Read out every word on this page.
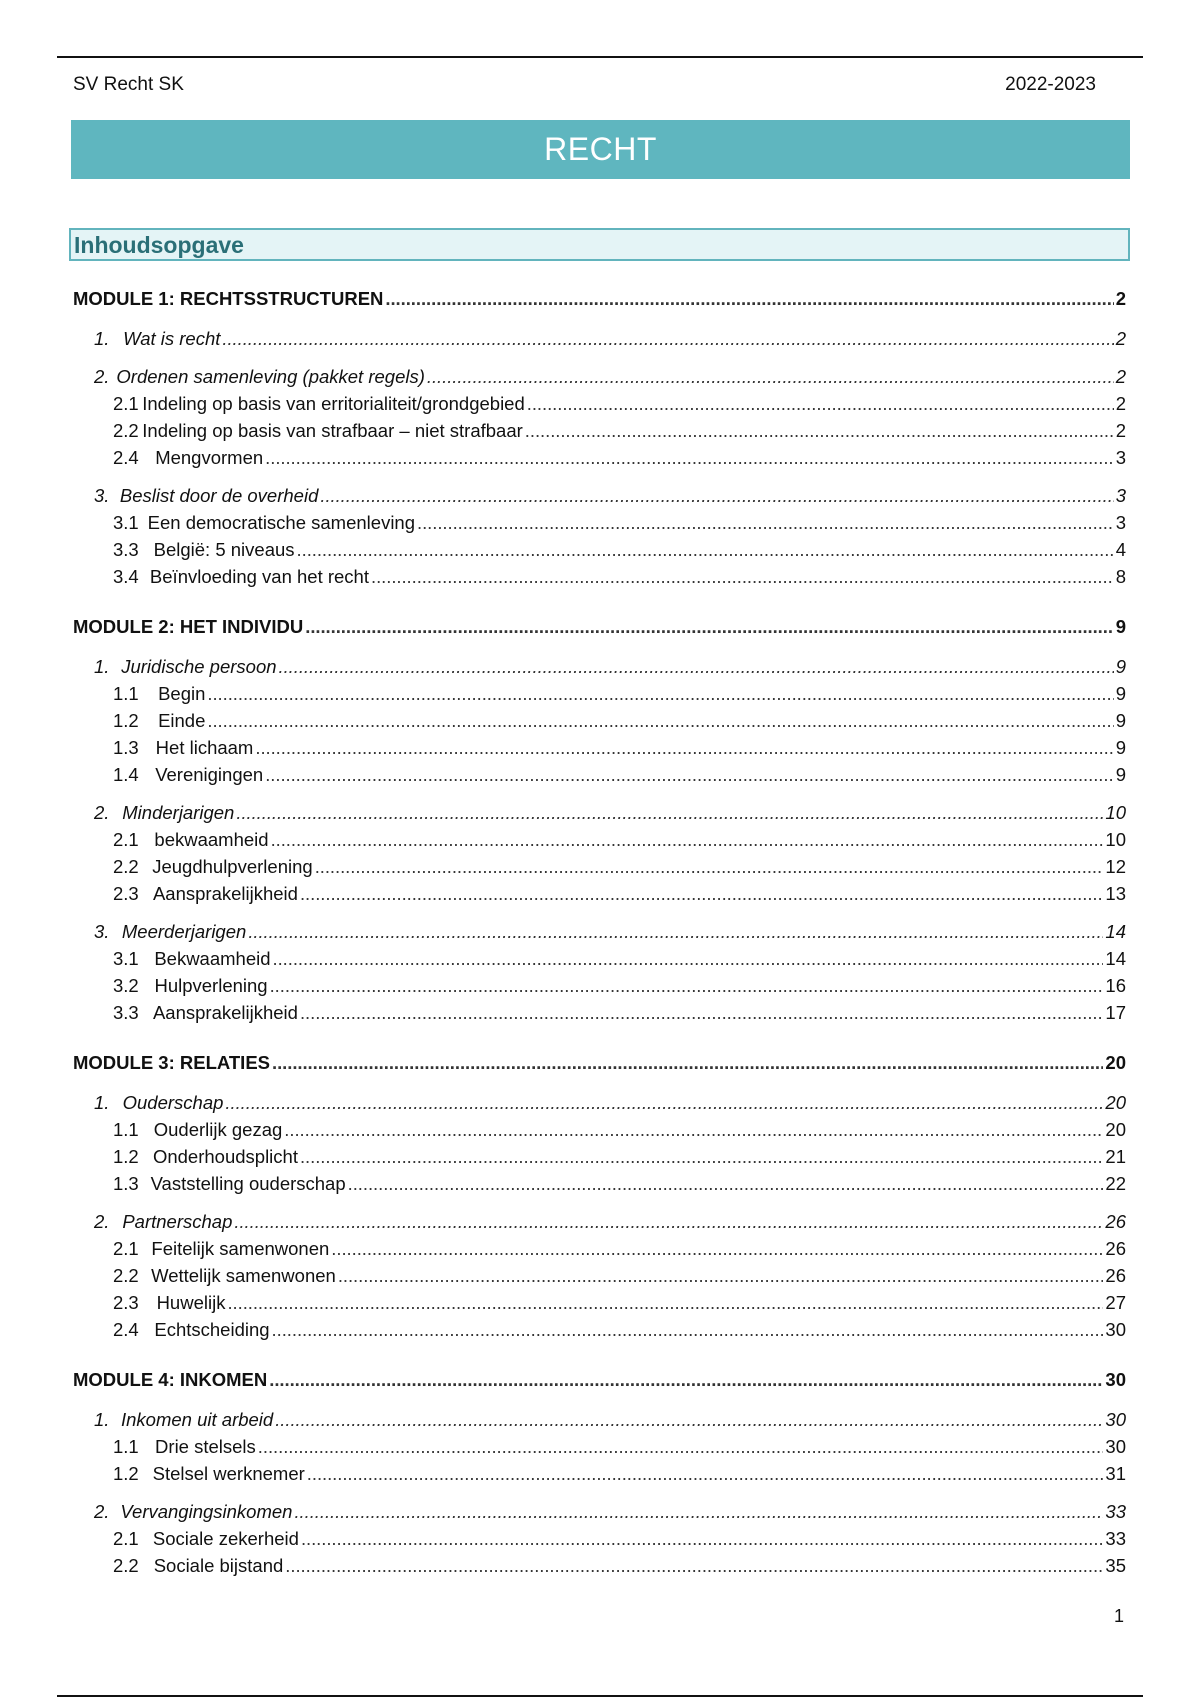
SV Recht SK	2022-2023
RECHT
Inhoudsopgave
MODULE 1: RECHTSSTRUCTUREN . . .	2
1. Wat is recht . . .	2
2. Ordenen samenleving (pakket regels) . . .	2
2.1 Indeling op basis van erritorialiteit/grondgebied . . .	2
2.2 Indeling op basis van strafbaar – niet strafbaar . . .	2
2.4 Mengvormen . . .	3
3. Beslist door de overheid . . .	3
3.1 Een democratische samenleving . . .	3
3.3 België: 5 niveaus . . .	4
3.4 Beïnvloeding van het recht . . .	8
MODULE 2: HET INDIVIDU . . .	9
1. Juridische persoon . . .	9
1.1	Begin . . .	9
1.2	Einde . . .	9
1.3 Het lichaam . . .	9
1.4 Verenigingen . . .	9
2. Minderjarigen . . .	10
2.1 bekwaamheid . . .	10
2.2 Jeugdhulpverlening . . .	12
2.3 Aansprakelijkheid . . .	13
3. Meerderjarigen . . .	14
3.1 Bekwaamheid . . .	14
3.2 Hulpverlening . . .	16
3.3 Aansprakelijkheid . . .	17
MODULE 3: RELATIES . . .	20
1. Ouderschap . . .	20
1.1 Ouderlijk gezag . . .	20
1.2 Onderhoudsplicht . . .	21
1.3 Vaststelling ouderschap . . .	22
2. Partnerschap . . .	26
2.1 Feitelijk samenwonen . . .	26
2.2 Wettelijk samenwonen . . .	26
2.3 Huwelijk . . .	27
2.4 Echtscheiding . . .	30
MODULE 4: INKOMEN . . .	30
1. Inkomen uit arbeid . . .	30
1.1 Drie stelsels . . .	30
1.2 Stelsel werknemer . . .	31
2. Vervangingsinkomen . . .	33
2.1 Sociale zekerheid . . .	33
2.2 Sociale bijstand . . .	35
1
